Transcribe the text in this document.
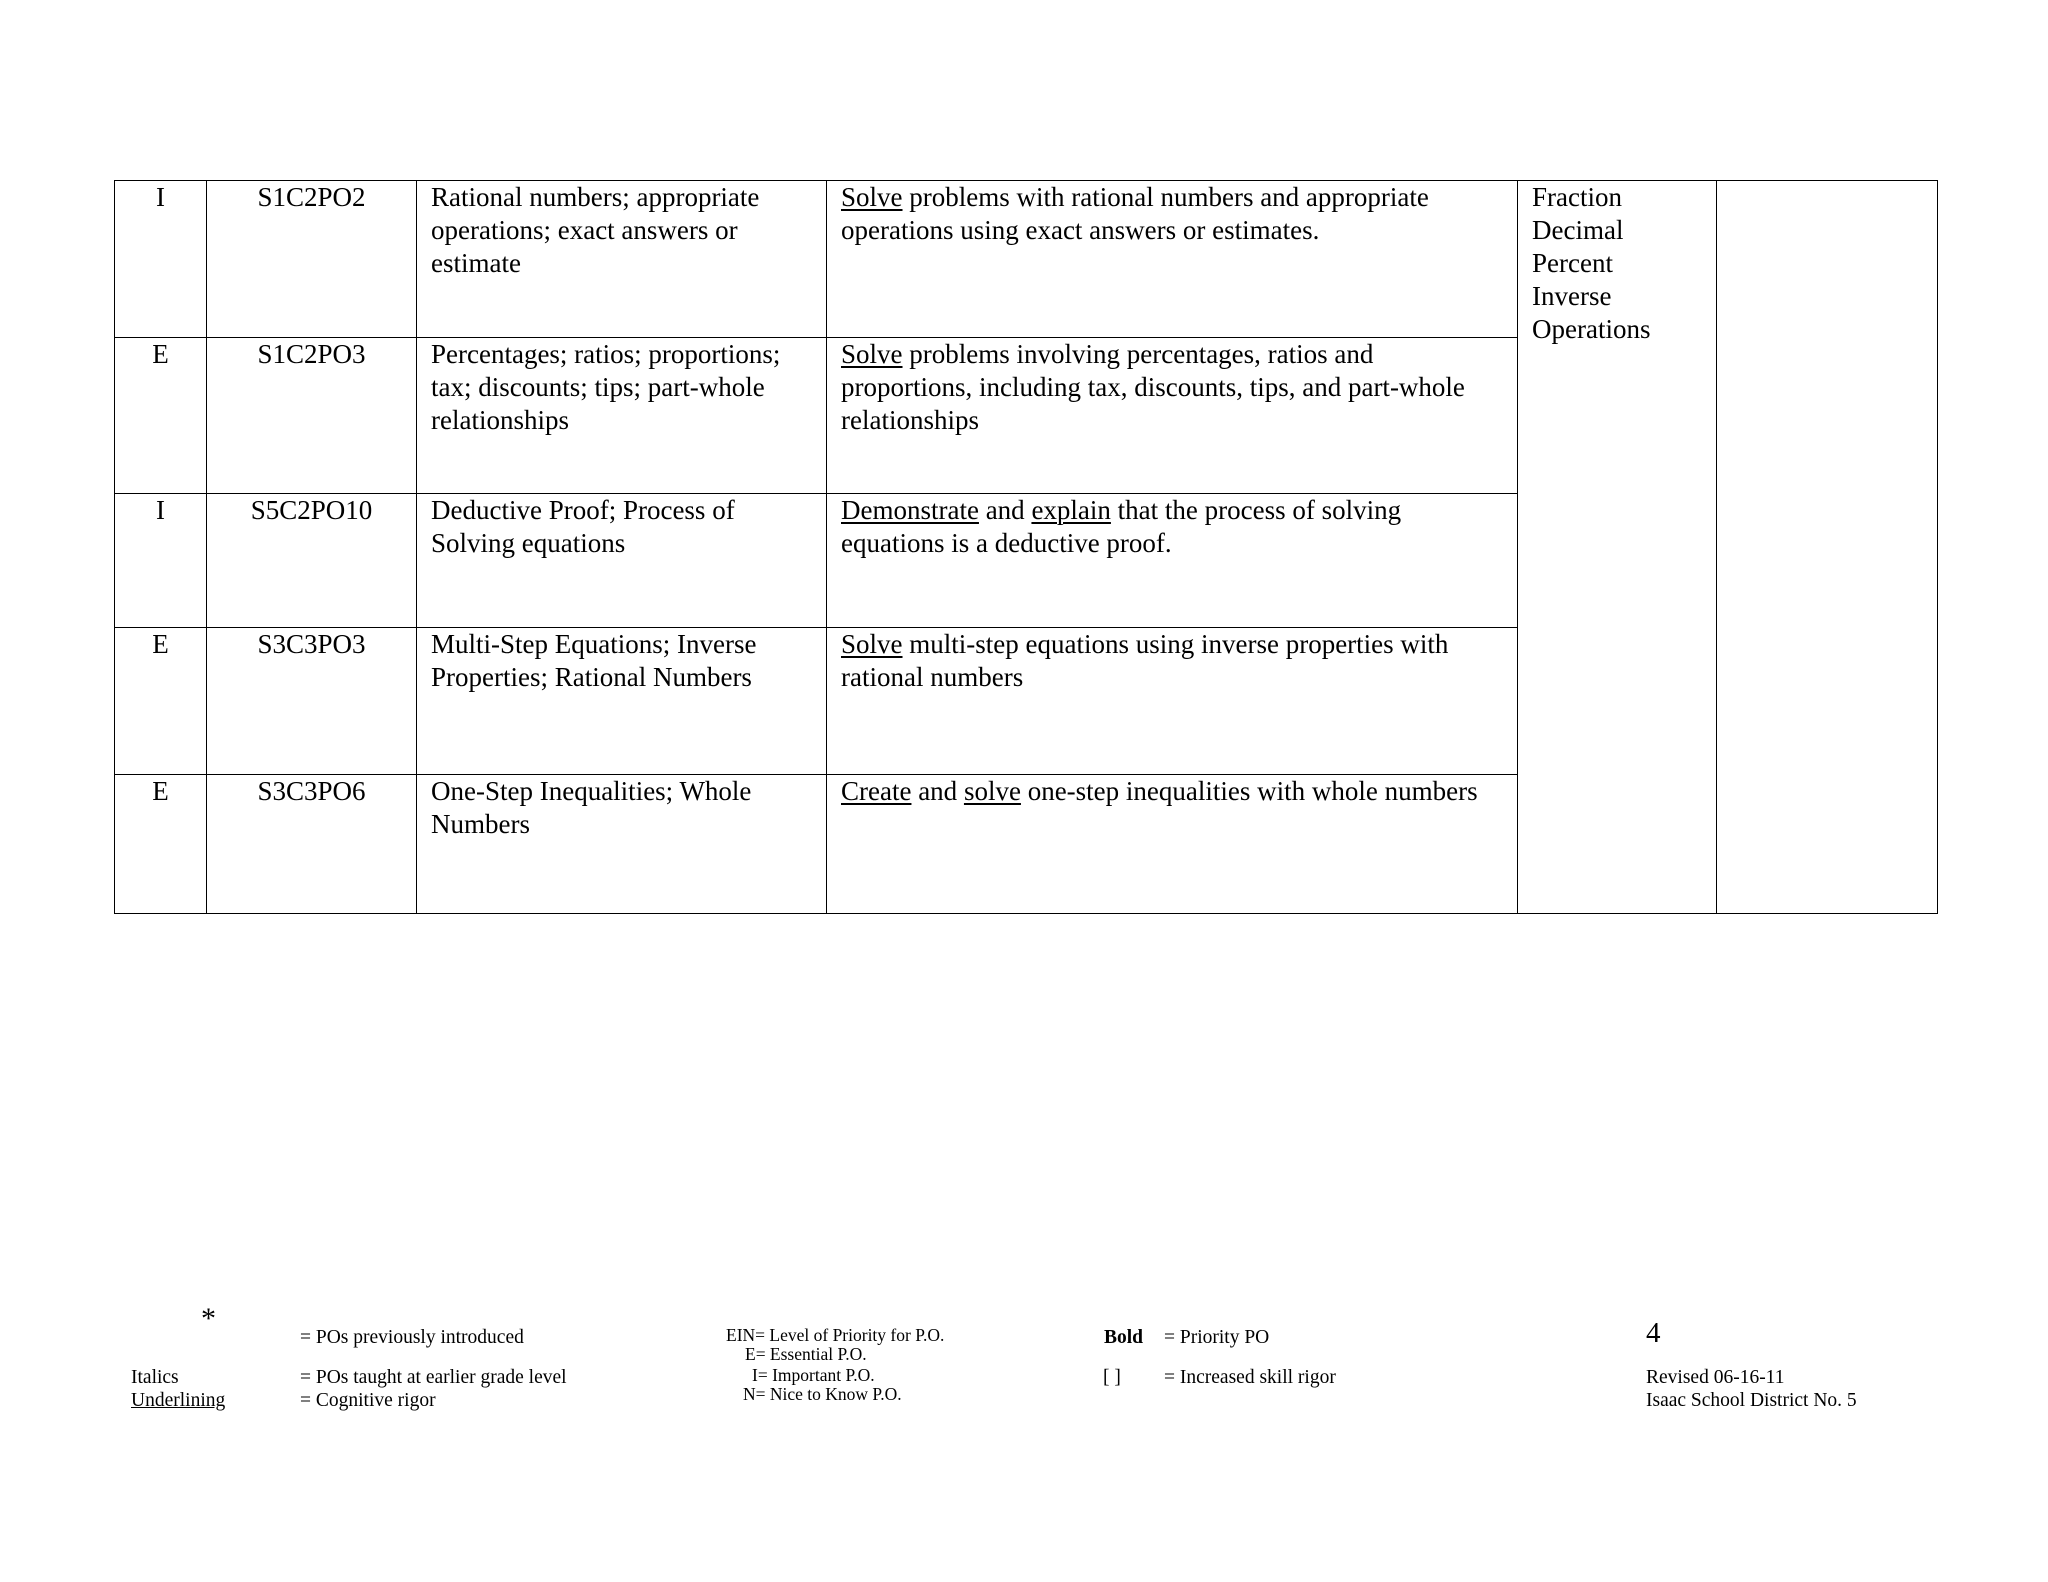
I	S1C2PO2	Rational numbers; appropriate operations; exact answers or estimate	Solve problems with rational numbers and appropriate operations using exact answers or estimates.	Fraction
Decimal
Percent
Inverse
Operations	

E	S1C2PO3	Percentages; ratios; proportions; tax; discounts; tips; part-whole relationships	Solve problems involving percentages, ratios and proportions, including tax, discounts, tips, and part-whole relationships		
I	S5C2PO10	Deductive Proof; Process of Solving equations	Demonstrate and explain that the process of solving equations is a deductive proof.		
E	S3C3PO3	Multi-Step Equations; Inverse Properties; Rational Numbers	Solve multi-step equations using inverse properties with rational numbers		
E	S3C3PO6	One-Step Inequalities; Whole Numbers	Create and solve one-step inequalities with whole numbers		
*
= POs previously introduced
Italics	= POs taught at earlier grade level
Underlining	= Cognitive rigor
EIN= Level of Priority for P.O.
E= Essential P.O.
I= Important P.O.
N= Nice to Know P.O.
Bold = Priority PO
[ ] = Increased skill rigor
4
Revised 06-16-11
Isaac School District No. 5
